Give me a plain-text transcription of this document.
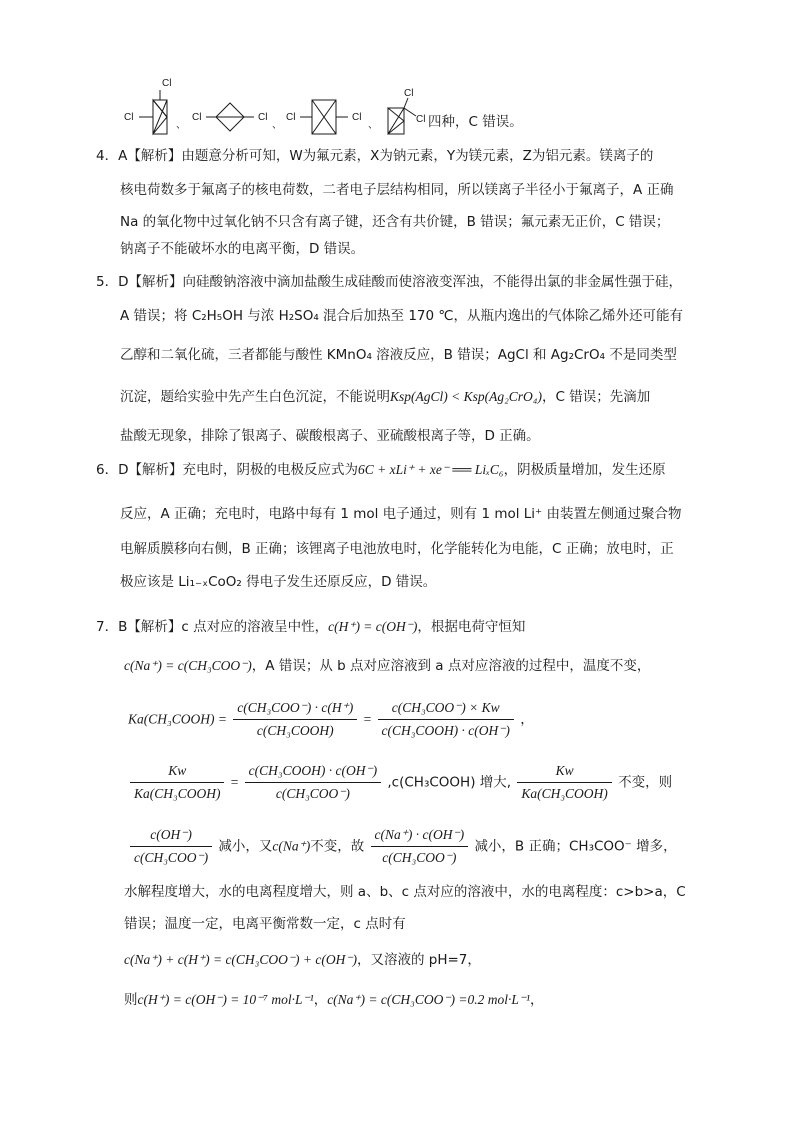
Cl
Cl
、
Cl	Cl
、
Cl	Cl
、
Cl
Cl 四种，C 错误。
4．A【解析】由题意分析可知，W为氟元素，X为钠元素，Y为镁元素，Z为铝元素。镁离子的
核电荷数多于氟离子的核电荷数，二者电子层结构相同，所以镁离子半径小于氟离子，A 正确
Na 的氧化物中过氧化钠不只含有离子键，还含有共价键，B 错误；氟元素无正价，C 错误；
钠离子不能破坏水的电离平衡，D 错误。
5．D【解析】向硅酸钠溶液中滴加盐酸生成硅酸而使溶液变浑浊，不能得出氯的非金属性强于硅，
A 错误；将 C₂H₅OH 与浓 H₂SO₄ 混合后加热至 170 ℃，从瓶内逸出的气体除乙烯外还可能有
乙醇和二氧化硫，三者都能与酸性 KMnO₄ 溶液反应，B 错误；AgCl 和 Ag₂CrO₄ 不是同类型
沉淀，题给实验中先产生白色沉淀，不能说明Ksp(AgCl) < Ksp(Ag₂CrO₄)，C 错误；先滴加
盐酸无现象，排除了银离子、碳酸根离子、亚硫酸根离子等，D 正确。
6．D【解析】充电时，阴极的电极反应式为6C + xLi⁺ + xe⁻ ══ LiₓC₆，阴极质量增加，发生还原
反应，A 正确；充电时，电路中每有 1 mol 电子通过，则有 1 mol Li⁺ 由装置左侧通过聚合物
电解质膜移向右侧，B 正确；该锂离子电池放电时，化学能转化为电能，C 正确；放电时，正
极应该是 Li₁₋ₓCoO₂ 得电子发生还原反应，D 错误。
7．B【解析】c 点对应的溶液呈中性，c(H⁺) = c(OH⁻)，根据电荷守恒知
c(Na⁺) = c(CH₃COO⁻)，A 错误；从 b 点对应溶液到 a 点对应溶液的过程中，温度不变，
Ka(CH₃COOH) = $\frac{\text{c(CH₃COO⁻) · c(H⁺)}}{\text{c(CH₃COOH)}} = \frac{\text{c(CH₃COO⁻) × Kw}}{\text{c(CH₃COOH) · c(OH⁻)}}$ ，
$\frac{Kw}{\text{Ka(CH₃COOH)}} = \frac{\text{c(CH₃COOH) · c(OH⁻)}}{\text{c(CH₃COO⁻)}}$ ,c(CH₃COOH) 增大, $\frac{Kw}{\text{Ka(CH₃COOH)}}$ 不变，则
$\frac{c(OH^-)}{\text{c(CH₃COO⁻)}}$ 减小，又c(Na⁺)不变，故 $\frac{c(Na^+) \cdot c(OH^-)}{\text{c(CH₃COO⁻)}}$ 减小，B 正确；CH₃COO⁻ 增多，
水解程度增大，水的电离程度增大，则 a、b、c 点对应的溶液中，水的电离程度：c>b>a，C
错误；温度一定，电离平衡常数一定，c 点时有
c(Na⁺) + c(H⁺) = c(CH₃COO⁻) + c(OH⁻)，又溶液的 pH=7，
则c(H⁺) = c(OH⁻) = 10⁻⁷ mol·L⁻¹，c(Na⁺) = c(CH₃COO⁻) =0.2 mol·L⁻¹，
